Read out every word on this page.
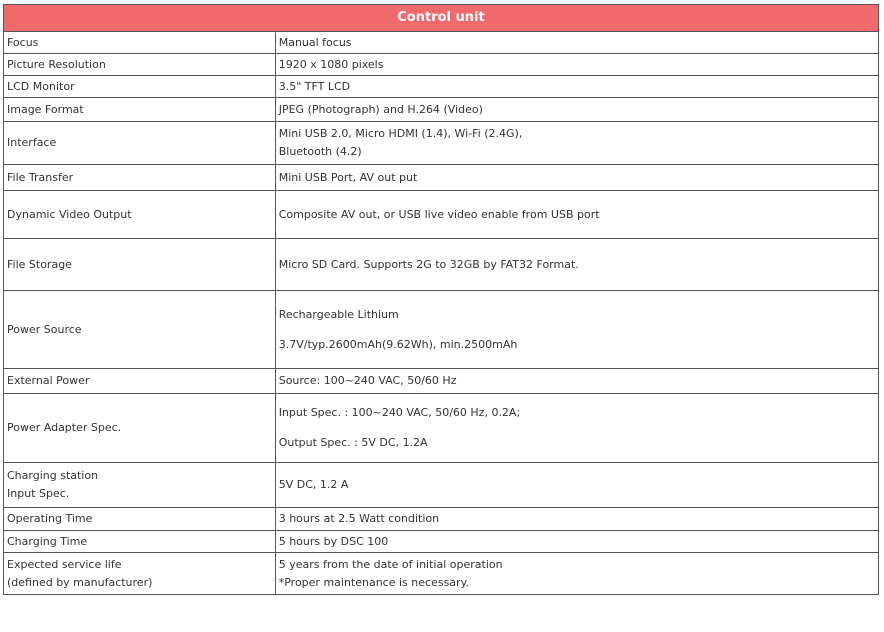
Control unit	

Focus	Manual focus

Picture Resolution	1920 x 1080 pixels

LCD Monitor	3.5" TFT LCD

Image Format	JPEG (Photograph) and H.264 (Video)

Interface	Mini USB 2.0, Micro HDMI (1.4), Wi-Fi (2.4G),
Bluetooth (4.2)

File Transfer	Mini USB Port, AV out put

Dynamic Video Output	Composite AV out, or USB live video enable from USB port

File Storage	Micro SD Card. Supports 2G to 32GB by FAT32 Format.

Power Source	Rechargeable Lithium
3.7V/typ.2600mAh(9.62Wh), min.2500mAh

External Power	Source: 100~240 VAC, 50/60 Hz

Power Adapter Spec.	Input Spec. : 100~240 VAC, 50/60 Hz, 0.2A;
Output Spec. : 5V DC, 1.2A

Charging station
Input Spec.	5V DC, 1.2 A

Operating Time	3 hours at 2.5 Watt condition

Charging Time	5 hours by DSC 100

Expected service life
(defined by manufacturer)	5 years from the date of initial operation
*Proper maintenance is necessary.
